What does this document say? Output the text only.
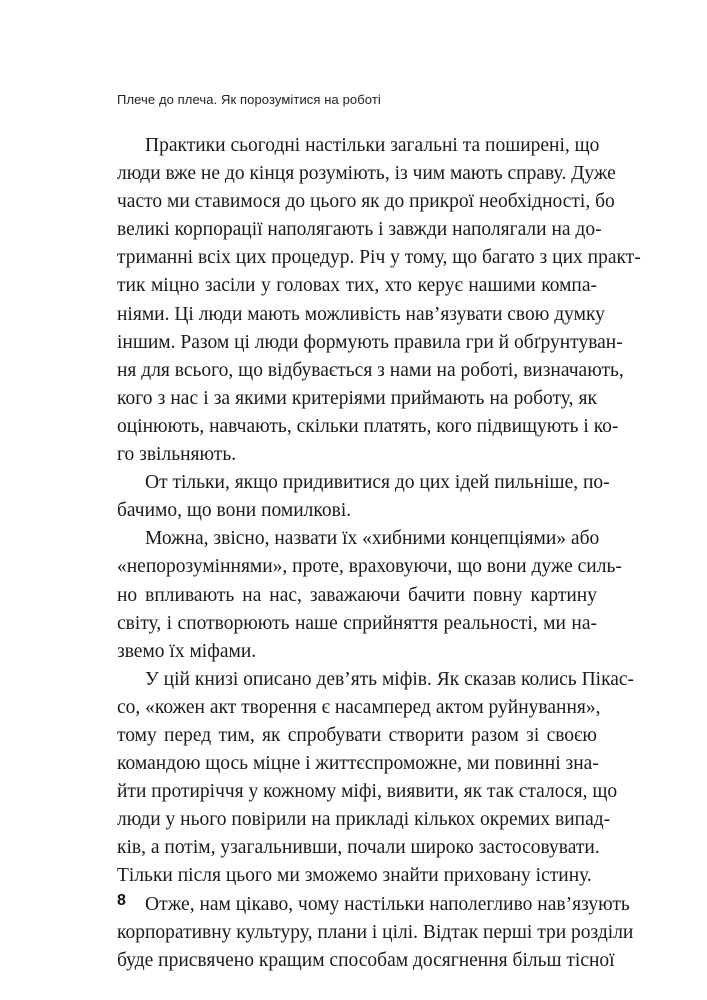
Плече до плеча. Як порозумітися на роботі

Практики сьогодні настільки загальні та поширені, що
люди вже не до кінця розуміють, із чим мають справу. Дуже
часто ми ставимося до цього як до прикрої необхідності, бо
великі корпорації наполягають і завжди наполягали на до-
триманні всіх цих процедур. Річ у тому, що багато з цих практ-
тик міцно засіли у головах тих, хто керує нашими компа-
ніями. Ці люди мають можливість нав’язувати свою думку
іншим. Разом ці люди формують правила гри й обґрунтуван-
ня для всього, що відбувається з нами на роботі, визначають,
кого з нас і за якими критеріями приймають на роботу, як
оцінюють, навчають, скільки платять, кого підвищують і ко-
го звільняють.

От тільки, якщо придивитися до цих ідей пильніше, по-
бачимо, що вони помилкові.

Можна, звісно, назвати їх «хибними концепціями» або
«непорозуміннями», проте, враховуючи, що вони дуже силь-
но впливають на нас, заважаючи бачити повну картину
світу, і спотворюють наше сприйняття реальності, ми на-
звемо їх міфами.

У цій книзі описано дев’ять міфів. Як сказав колись Пікас-
со, «кожен акт творення є насамперед актом руйнування»,
тому перед тим, як спробувати створити разом зі своєю
командою щось міцне і життєспроможне, ми повинні зна-
йти протиріччя у кожному міфі, виявити, як так сталося, що
люди у нього повірили на прикладі кількох окремих випад-
ків, а потім, узагальнивши, почали широко застосовувати.
Тільки після цього ми зможемо знайти приховану істину.

Отже, нам цікаво, чому настільки наполегливо нав’язують
корпоративну культуру, плани і цілі. Відтак перші три розділи
буде присвячено кращим способам досягнення більш тісної

8
